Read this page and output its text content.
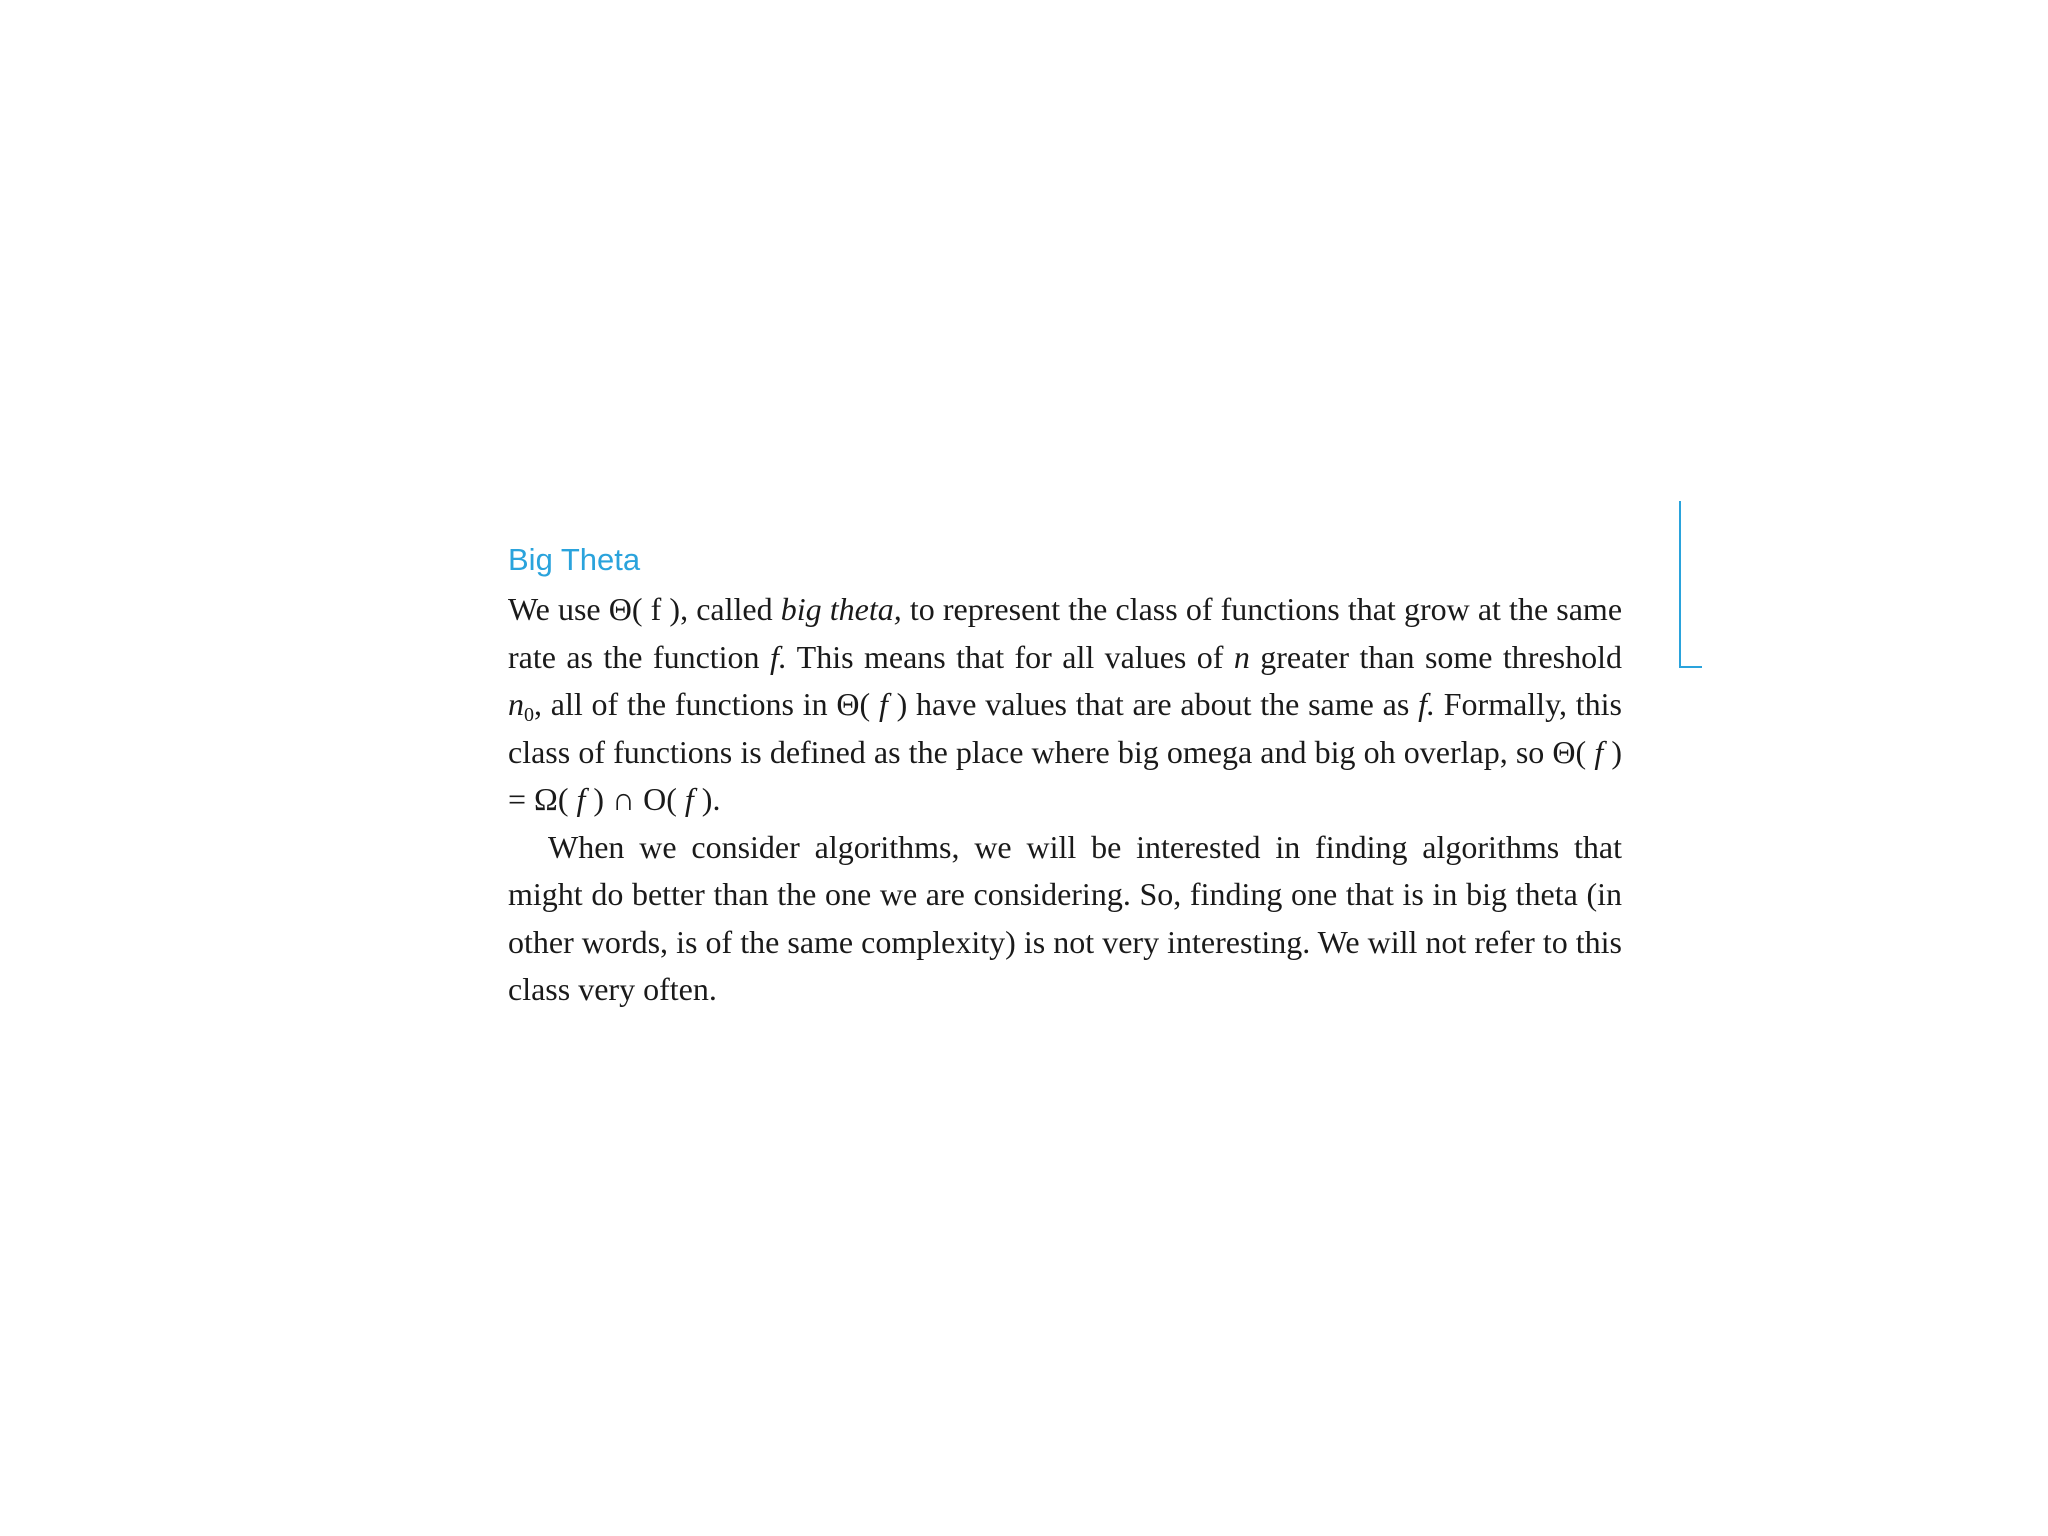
Big Theta

We use Θ( f ), called big theta, to represent the class of functions that grow at the same rate as the function f. This means that for all values of n greater than some threshold $n_0$, all of the functions in Θ( f ) have values that are about the same as f. Formally, this class of functions is defined as the place where big omega and big oh overlap, so Θ( f ) = Ω( f ) ∩ O( f ).

When we consider algorithms, we will be interested in finding algorithms that might do better than the one we are considering. So, finding one that is in big theta (in other words, is of the same complexity) is not very interesting. We will not refer to this class very often.
